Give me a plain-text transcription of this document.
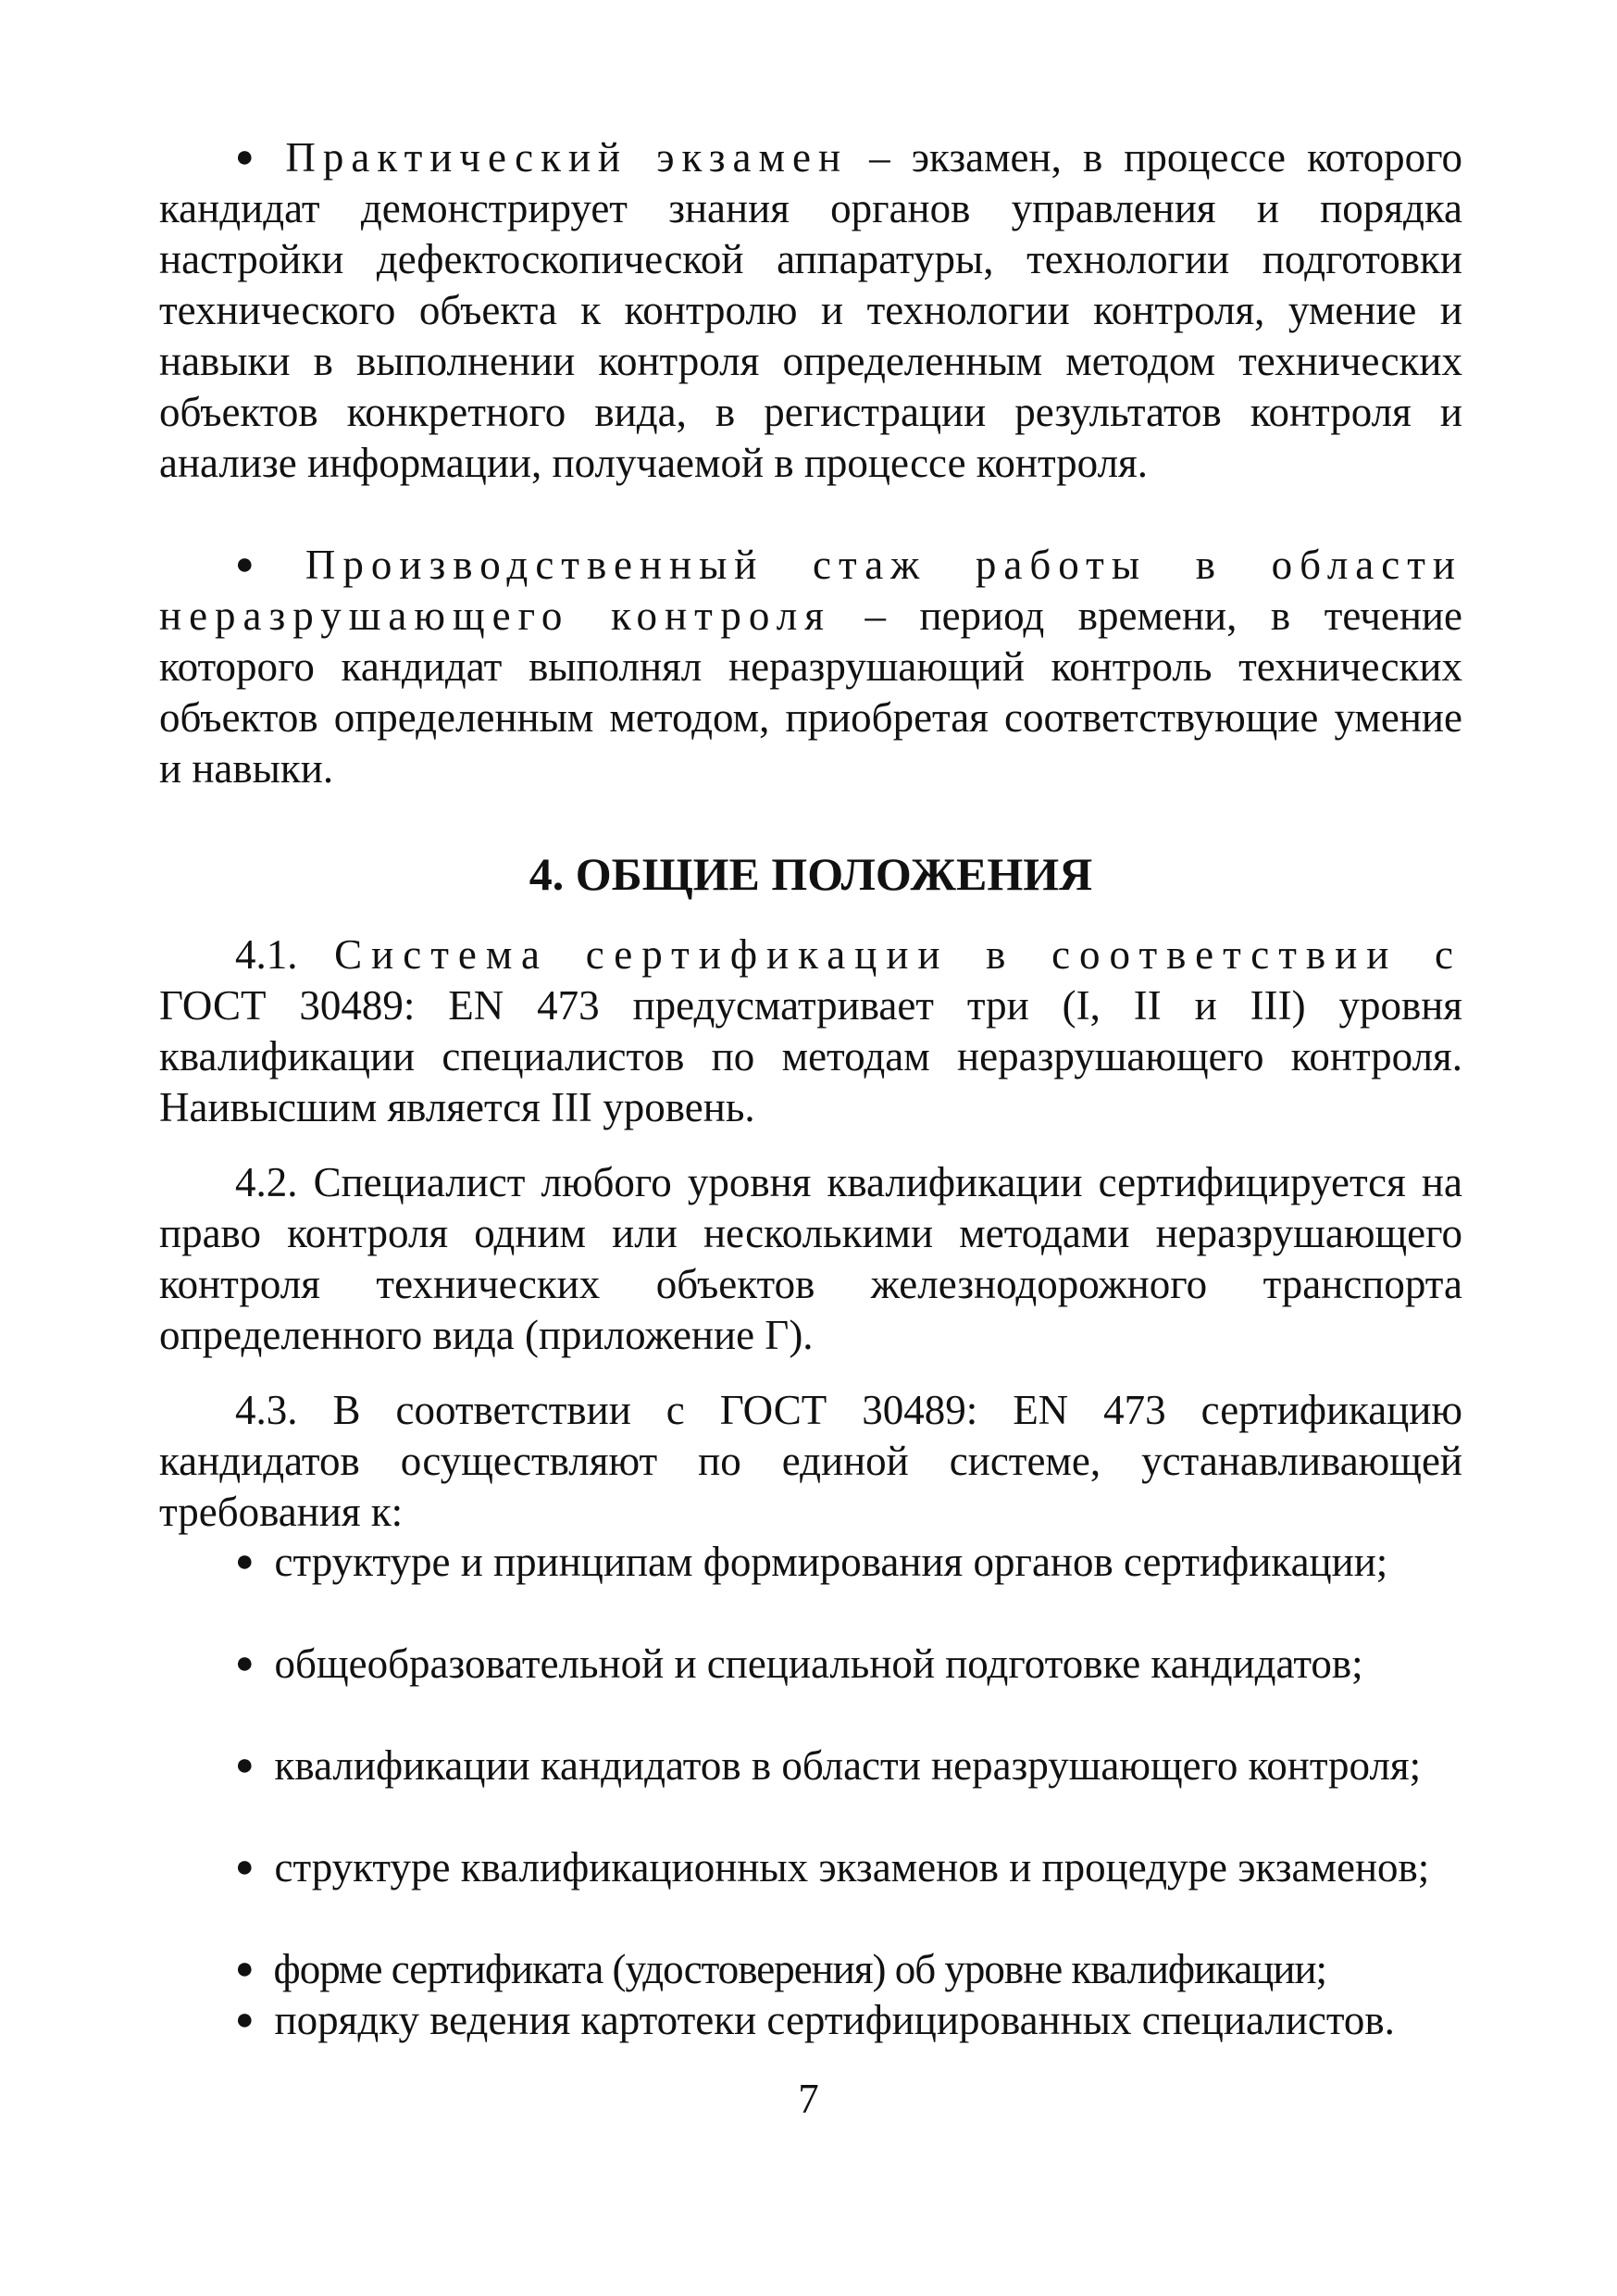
● Практический экзамен – экзамен, в процессе которого кандидат демонстрирует знания органов управления и порядка настройки дефектоскопической аппаратуры, технологии подготовки технического объекта к контролю и технологии контроля, умение и навыки в выполнении контроля определенным методом технических объектов конкретного вида, в регистрации результатов контроля и анализе информации, получаемой в процессе контроля.

● Производственный стаж работы в области неразрушающего контроля – период времени, в течение которого кандидат выполнял неразрушающий контроль технических объектов определенным методом, приобретая соответствующие умение и навыки.

4. ОБЩИЕ ПОЛОЖЕНИЯ

4.1. Система сертификации в соответствии с ГОСТ 30489: EN 473 предусматривает три (I, II и III) уровня квалификации специалистов по методам неразрушающего контроля. Наивысшим является III уровень.

4.2. Специалист любого уровня квалификации сертифицируется на право контроля одним или несколькими методами неразрушающего контроля технических объектов железнодорожного транспорта определенного вида (приложение Г).

4.3. В соответствии с ГОСТ 30489: EN 473 сертификацию кандидатов осуществляют по единой системе, устанавливающей требования к:

● структуре и принципам формирования органов сертификации;

● общеобразовательной и специальной подготовке кандидатов;

● квалификации кандидатов в области неразрушающего контроля;

● структуре квалификационных экзаменов и процедуре экзаменов;

● форме сертификата (удостоверения) об уровне квалификации;

● порядку ведения картотеки сертифицированных специалистов.

7
